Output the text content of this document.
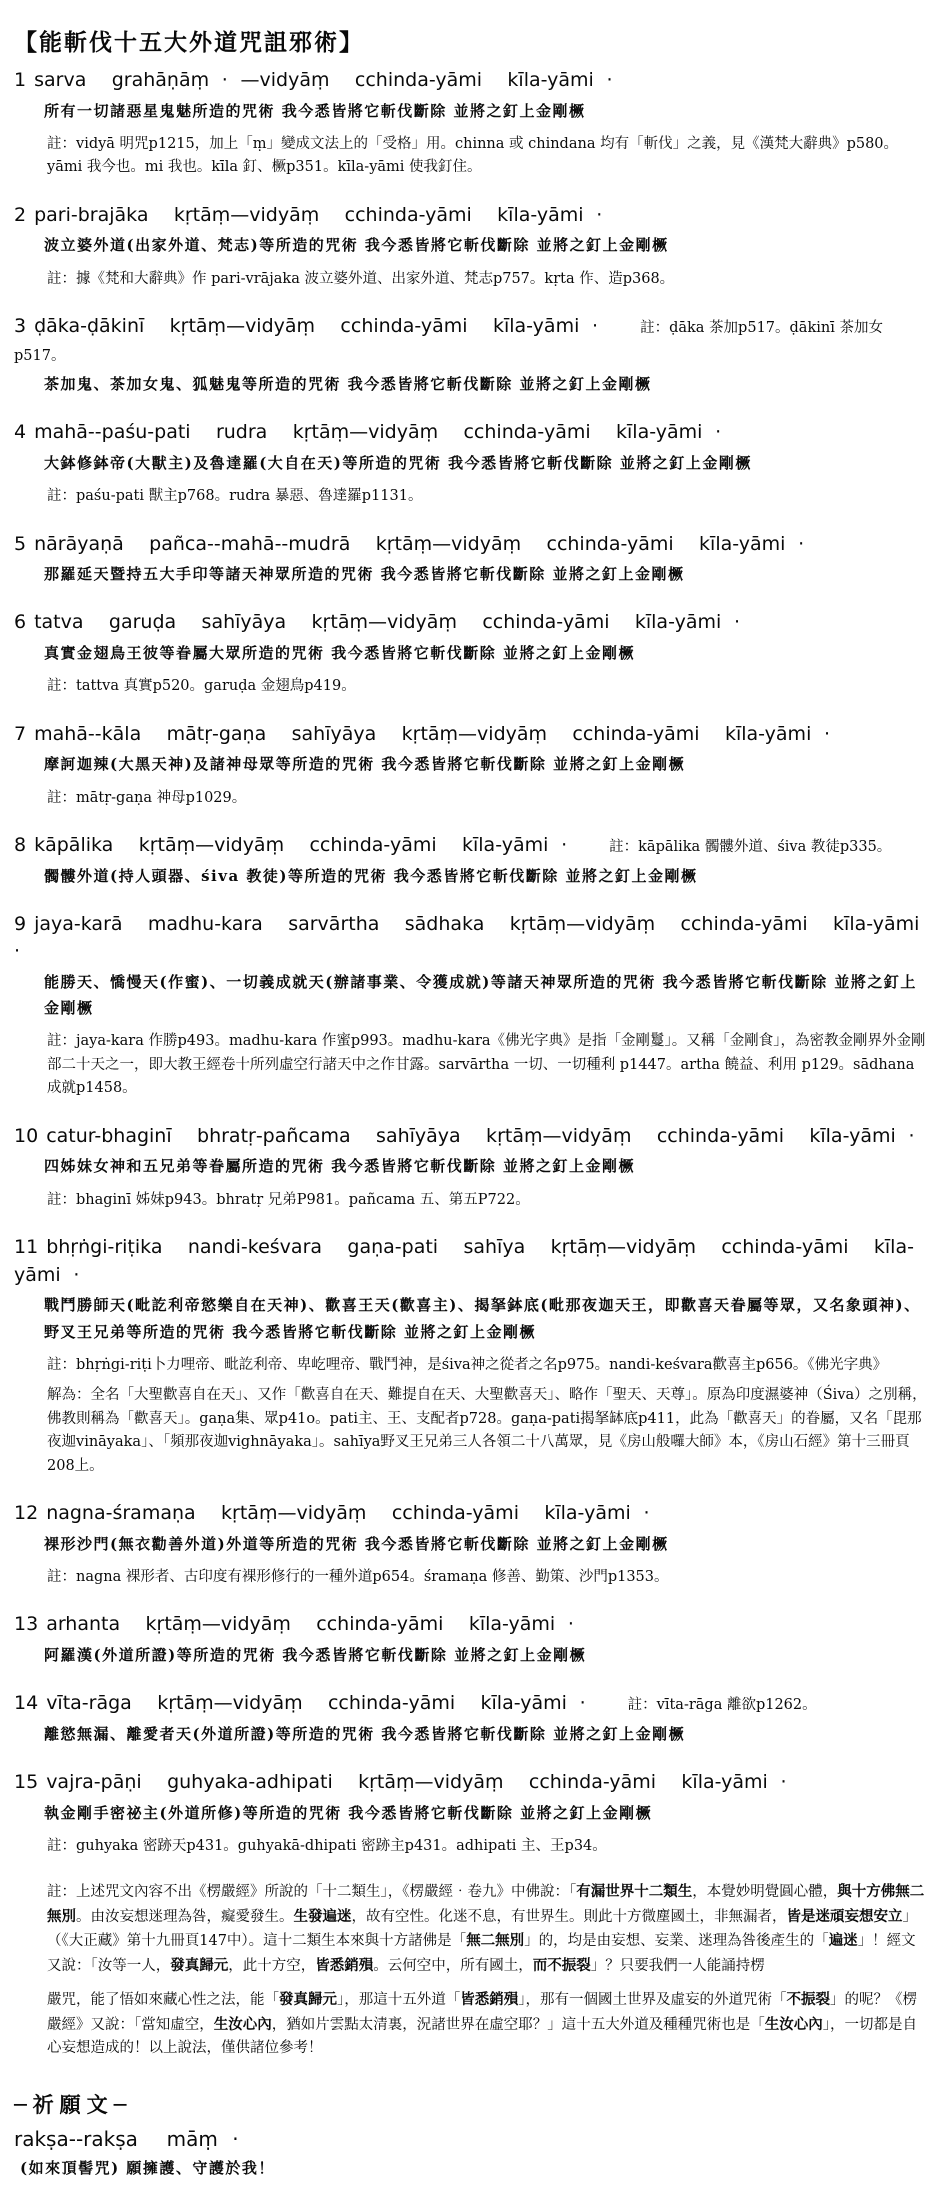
【能斬伐十五大外道咒詛邪術】
1 sarva  grahāṇāṃ · —vidyāṃ  cchinda-yāmi  kīla-yāmi ·
所有一切諸惡星鬼魅所造的咒術 我今悉皆將它斬伐斷除 並將之釘上金剛橛
註：vidyā 明咒p1215，加上「ṃ」變成文法上的「受格」用。chinna 或 chindana 均有「斬伐」之義，見《漢梵大辭典》p580。yāmi 我今也。mi 我也。kīla 釘、橛p351。kīla-yāmi 使我釘住。
2 pari-brajāka  kṛtāṃ—vidyāṃ  cchinda-yāmi  kīla-yāmi ·
波立婆外道(出家外道、梵志)等所造的咒術 我今悉皆將它斬伐斷除 並將之釘上金剛橛
註：據《梵和大辭典》作 pari-vrājaka 波立婆外道、出家外道、梵志p757。kṛta 作、造p368。
3 ḍāka-ḍākinī  kṛtāṃ—vidyāṃ  cchinda-yāmi  kīla-yāmi ·	註：ḍāka 茶加p517。ḍākinī 茶加女p517。
茶加鬼、茶加女鬼、狐魅鬼等所造的咒術 我今悉皆將它斬伐斷除 並將之釘上金剛橛
4 mahā--paśu-pati  rudra  kṛtāṃ—vidyāṃ  cchinda-yāmi  kīla-yāmi ·
大鉢修鉢帝(大獸主)及魯達羅(大自在天)等所造的咒術 我今悉皆將它斬伐斷除 並將之釘上金剛橛
註：paśu-pati 獸主p768。rudra 暴惡、魯達羅p1131。
5 nārāyaṇā  pañca--mahā--mudrā  kṛtāṃ—vidyāṃ  cchinda-yāmi  kīla-yāmi ·
那羅延天暨持五大手印等諸天神眾所造的咒術 我今悉皆將它斬伐斷除 並將之釘上金剛橛
6 tatva  garuḍa  sahīyāya  kṛtāṃ—vidyāṃ  cchinda-yāmi  kīla-yāmi ·
真實金翅鳥王彼等眷屬大眾所造的咒術 我今悉皆將它斬伐斷除 並將之釘上金剛橛
註：tattva 真實p520。garuḍa 金翅鳥p419。
7 mahā--kāla  mātṛ-gaṇa  sahīyāya  kṛtāṃ—vidyāṃ  cchinda-yāmi  kīla-yāmi ·
摩訶迦辣(大黑天神)及諸神母眾等所造的咒術 我今悉皆將它斬伐斷除 並將之釘上金剛橛
註：mātṛ-gaṇa 神母p1029。
8 kāpālika  kṛtāṃ—vidyāṃ  cchinda-yāmi  kīla-yāmi ·	註：kāpālika 髑髏外道、śiva 教徒p335。
髑髏外道(持人頭器、śiva 教徒)等所造的咒術 我今悉皆將它斬伐斷除 並將之釘上金剛橛
9 jaya-karā  madhu-kara  sarvārtha  sādhaka  kṛtāṃ—vidyāṃ  cchinda-yāmi  kīla-yāmi ·
能勝天、憍慢天(作蜜)、一切義成就天(辦諸事業、令獲成就)等諸天神眾所造的咒術 我今悉皆將它斬伐斷除 並將之釘上金剛橛
註：jaya-kara 作勝p493。madhu-kara 作蜜p993。madhu-kara《佛光字典》是指「金剛鬘」。又稱「金剛食」，為密教金剛界外金剛部二十天之一，即大教王經卷十所列虛空行諸天中之作甘露。sarvārtha 一切、一切種利 p1447。artha 饒益、利用 p129。sādhana 成就p1458。
10 catur-bhaginī  bhratṛ-pañcama  sahīyāya  kṛtāṃ—vidyāṃ  cchinda-yāmi  kīla-yāmi ·
四姊妹女神和五兄弟等眷屬所造的咒術 我今悉皆將它斬伐斷除 並將之釘上金剛橛
註：bhaginī 姊妹p943。bhratṛ 兄弟P981。pañcama 五、第五P722。
11 bhṛṅgi-riṭika  nandi-keśvara  gaṇa-pati  sahīya  kṛtāṃ—vidyāṃ  cchinda-yāmi  kīla-yāmi ·
戰鬥勝師天(毗訖利帝慾樂自在天神)、歡喜王天(歡喜主)、揭拏鉢底(毗那夜迦天王，即歡喜天眷屬等眾，又名象頭神)、野叉王兄弟等所造的咒術 我今悉皆將它斬伐斷除 並將之釘上金剛橛
註：bhṛṅgi-riṭi卜力哩帝、毗訖利帝、卑屹哩帝、戰鬥神，是śiva神之從者之名p975。nandi-keśvara歡喜主p656。《佛光字典》
解為：全名「大聖歡喜自在天」、又作「歡喜自在天、難提自在天、大聖歡喜天」、略作「聖天、天尊」。原為印度濕婆神（Śiva）之別稱，佛教則稱為「歡喜天」。gaṇa集、眾p41o。pati主、王、支配者p728。gaṇa-pati揭拏缽底p411，此為「歡喜天」的眷屬，又名「毘那夜迦vināyaka」、「頻那夜迦vighnāyaka」。sahīya野叉王兄弟三人各領二十八萬眾，見《房山般囉大師》本，《房山石經》第十三冊頁208上。
12 nagna-śramaṇa  kṛtāṃ—vidyāṃ  cchinda-yāmi  kīla-yāmi ·
裸形沙門(無衣勸善外道)外道等所造的咒術 我今悉皆將它斬伐斷除 並將之釘上金剛橛
註：nagna 裸形者、古印度有裸形修行的一種外道p654。śramaṇa 修善、勤策、沙門p1353。
13 arhanta  kṛtāṃ—vidyāṃ  cchinda-yāmi  kīla-yāmi ·
阿羅漢(外道所證)等所造的咒術 我今悉皆將它斬伐斷除 並將之釘上金剛橛
14 vīta-rāga  kṛtāṃ—vidyāṃ  cchinda-yāmi  kīla-yāmi ·	註：vīta-rāga 離欲p1262。
離慾無漏、離愛者天(外道所證)等所造的咒術 我今悉皆將它斬伐斷除 並將之釘上金剛橛
15 vajra-pāṇi  guhyaka-adhipati  kṛtāṃ—vidyāṃ  cchinda-yāmi  kīla-yāmi ·
執金剛手密祕主(外道所修)等所造的咒術 我今悉皆將它斬伐斷除 並將之釘上金剛橛
註：guhyaka 密跡天p431。guhyakā-dhipati 密跡主p431。adhipati 主、王p34。
註：上述咒文內容不出《楞嚴經》所說的「十二類生」，《楞嚴經‧卷九》中佛說：「有漏世界十二類生，本覺妙明覺圓心體，與十方佛無二無別。由汝妄想迷理為咎，癡愛發生。生發遍迷，故有空性。化迷不息，有世界生。則此十方微塵國土，非無漏者，皆是迷頑妄想安立」（《大正藏》第十九冊頁147中）。這十二類生本來與十方諸佛是「無二無別」的，均是由妄想、妄業、迷理為咎後產生的「遍迷」！經文又說：「汝等一人，發真歸元，此十方空，皆悉銷殞。云何空中，所有國土，而不振裂」？只要我們一人能誦持楞
嚴咒，能了悟如來藏心性之法，能「發真歸元」，那這十五外道「皆悉銷殞」，那有一個國土世界及虛妄的外道咒術「不振裂」的呢？《楞嚴經》又說：「當知虛空，生汝心內，猶如片雲點太清裏，況諸世界在虛空耶？」這十五大外道及種種咒術也是「生汝心內」，一切都是自心妄想造成的！以上說法，僅供諸位參考！
─祈願文─
rakṣa--rakṣa  māṃ ·
(如來頂髻咒) 願擁護、守護於我！
